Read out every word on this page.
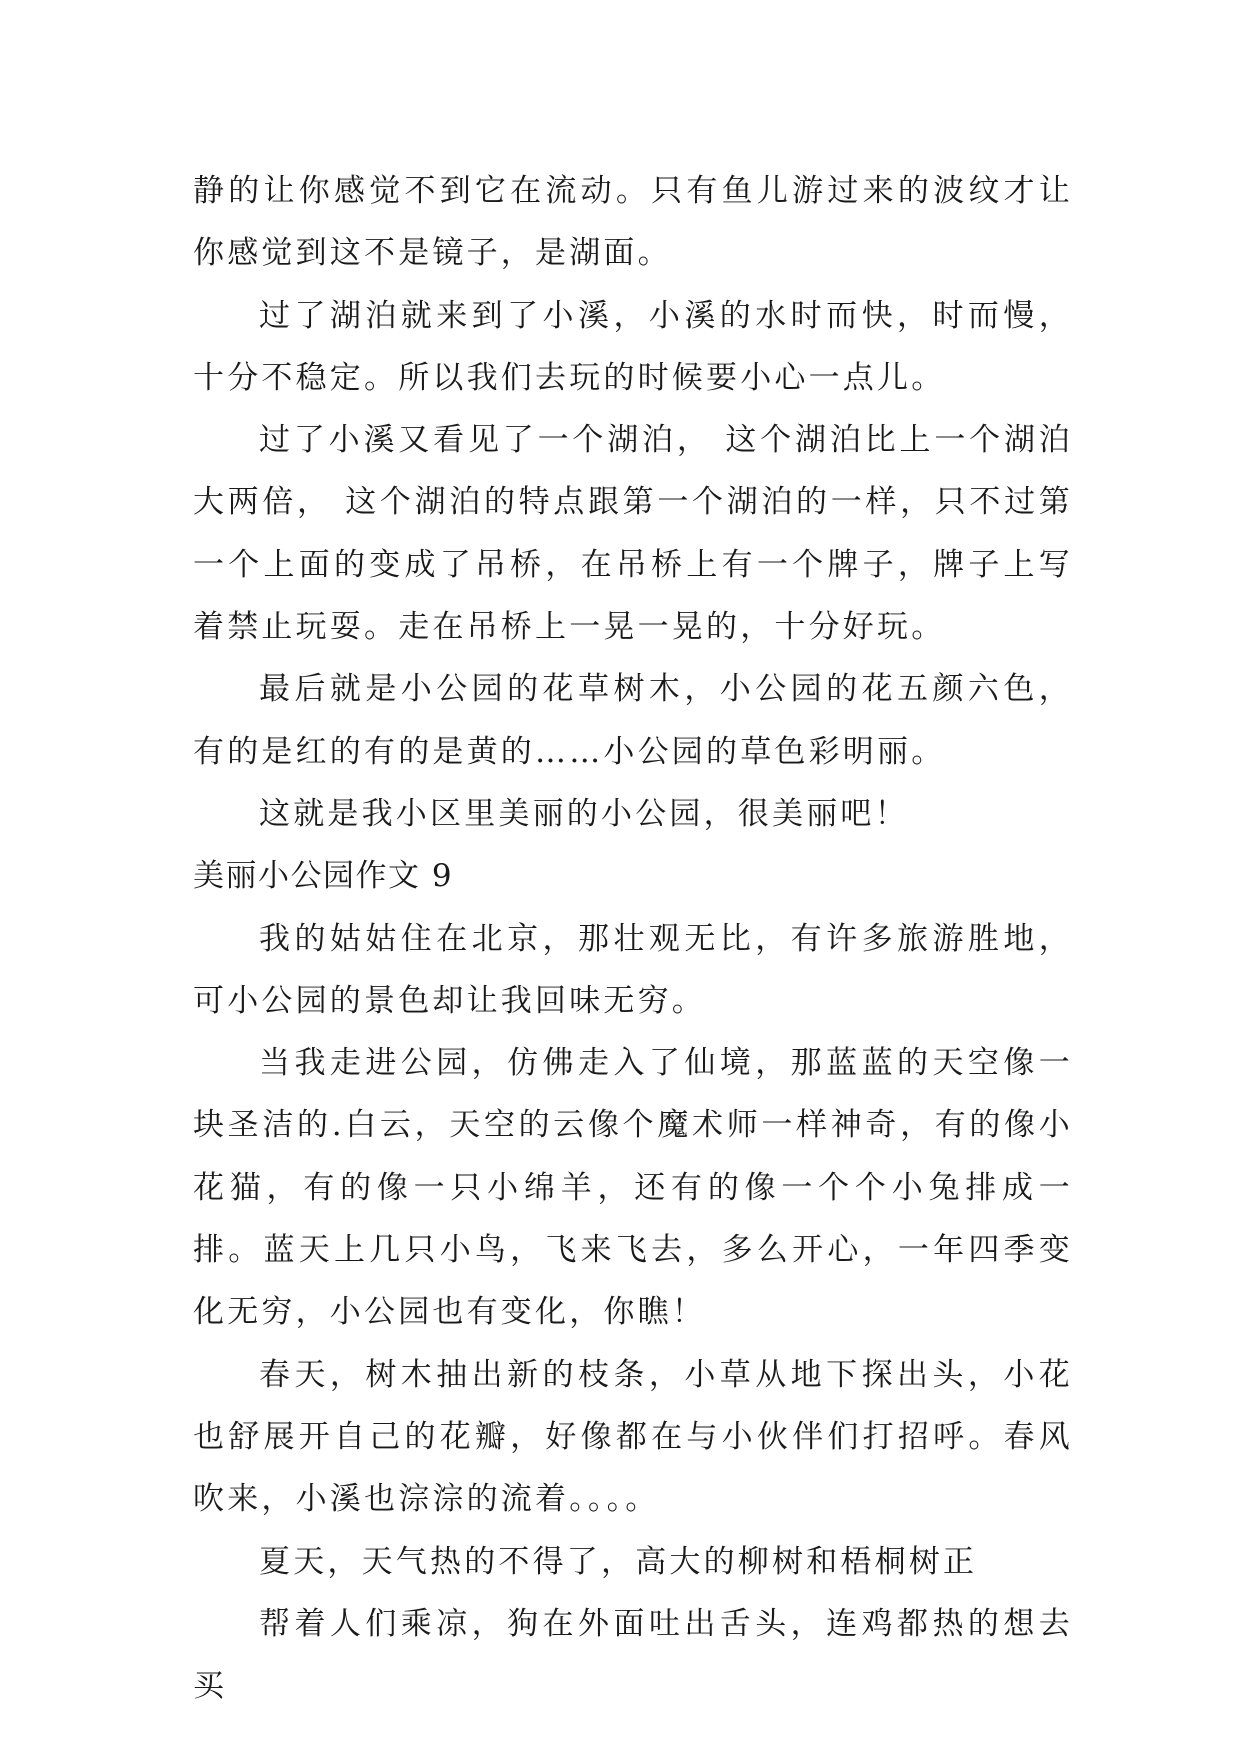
静的让你感觉不到它在流动。只有鱼儿游过来的波纹才让你感觉到这不是镜子，是湖面。

过了湖泊就来到了小溪，小溪的水时而快，时而慢，十分不稳定。所以我们去玩的时候要小心一点儿。

过了小溪又看见了一个湖泊， 这个湖泊比上一个湖泊大两倍， 这个湖泊的特点跟第一个湖泊的一样，只不过第一个上面的变成了吊桥，在吊桥上有一个牌子，牌子上写着禁止玩耍。走在吊桥上一晃一晃的，十分好玩。

最后就是小公园的花草树木，小公园的花五颜六色，有的是红的有的是黄的……小公园的草色彩明丽。

这就是我小区里美丽的小公园，很美丽吧！

美丽小公园作文 9

我的姑姑住在北京，那壮观无比，有许多旅游胜地，可小公园的景色却让我回味无穷。

当我走进公园，仿佛走入了仙境，那蓝蓝的天空像一块圣洁的.白云，天空的云像个魔术师一样神奇，有的像小花猫，有的像一只小绵羊，还有的像一个个小兔排成一排。蓝天上几只小鸟，飞来飞去，多么开心，一年四季变化无穷，小公园也有变化，你瞧！

春天，树木抽出新的枝条，小草从地下探出头，小花也舒展开自己的花瓣，好像都在与小伙伴们打招呼。春风吹来，小溪也淙淙的流着。。。。

夏天，天气热的不得了，高大的柳树和梧桐树正

帮着人们乘凉，狗在外面吐出舌头，连鸡都热的想去买
